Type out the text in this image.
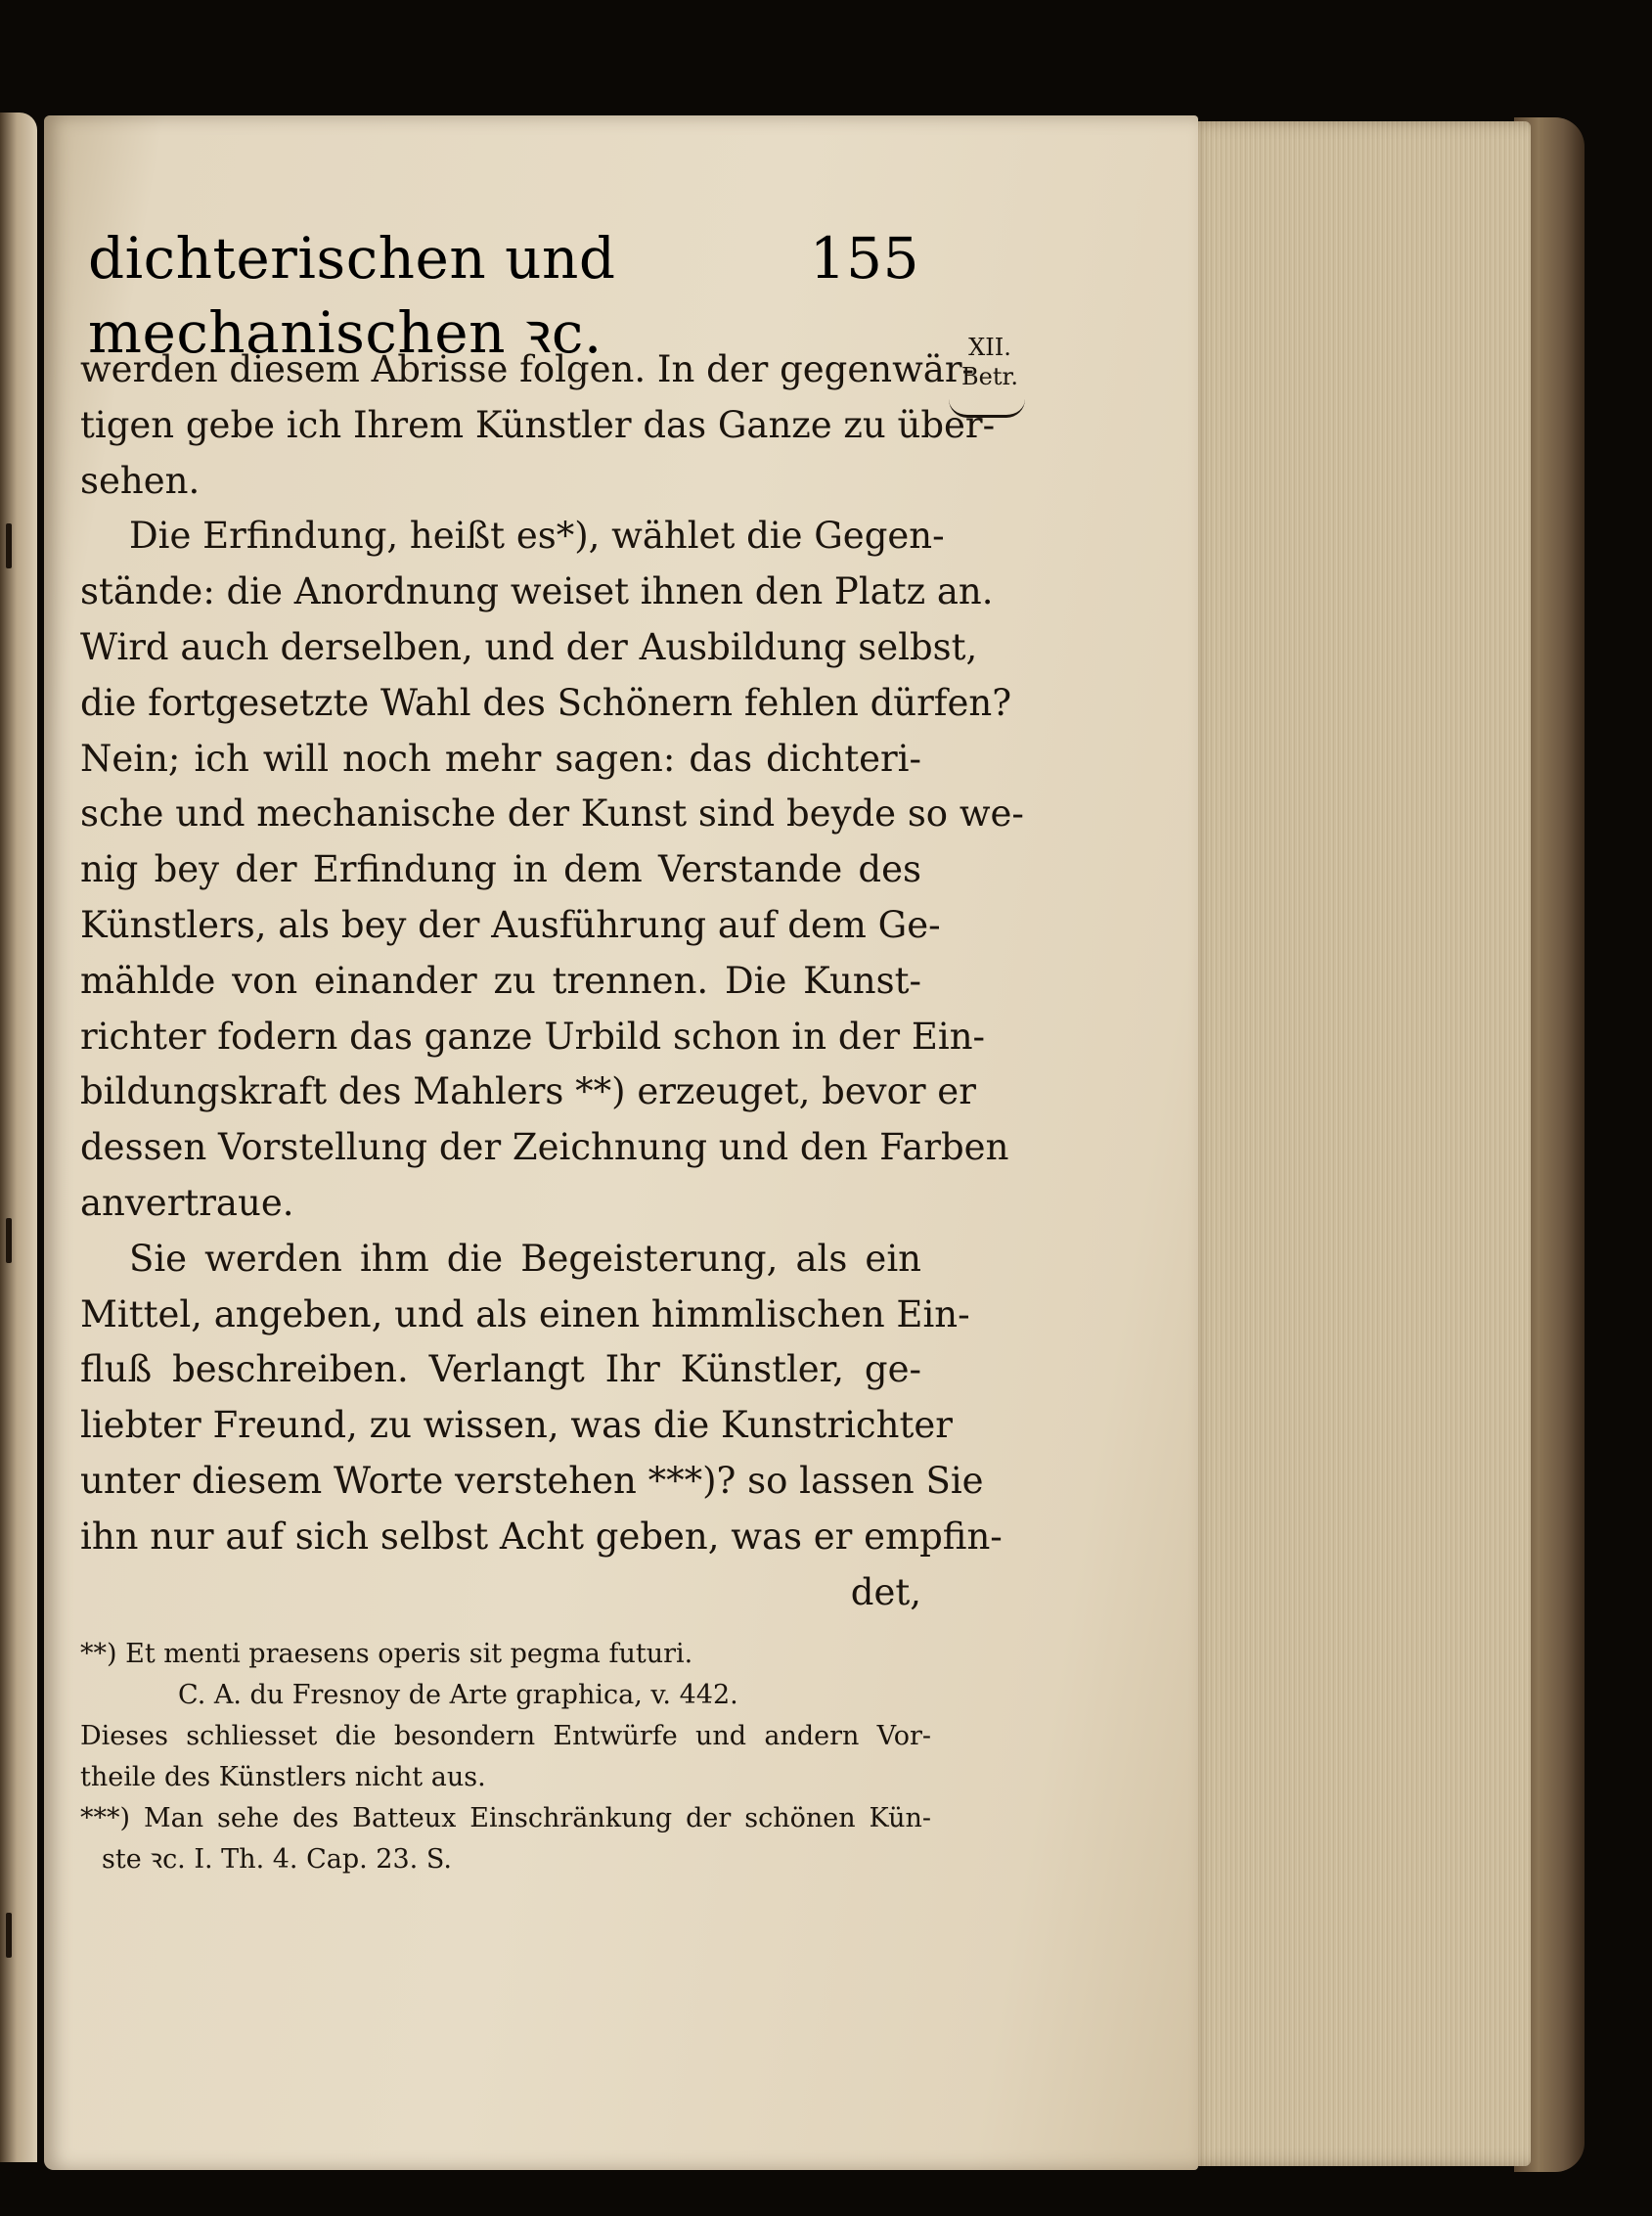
dichterischen und mechanischen ꝛc.
155
XII.
Betr.
werden diesem Abrisse folgen. In der gegenwär-
tigen gebe ich Ihrem Künstler das Ganze zu über-
sehen.
Die Erfindung, heißt es*), wählet die Gegen-
stände: die Anordnung weiset ihnen den Platz an.
Wird auch derselben, und der Ausbildung selbst,
die fortgesetzte Wahl des Schönern fehlen dürfen?
Nein; ich will noch mehr sagen: das dichteri-
sche und mechanische der Kunst sind beyde so we-
nig bey der Erfindung in dem Verstande des
Künstlers, als bey der Ausführung auf dem Ge-
mählde von einander zu trennen. Die Kunst-
richter fodern das ganze Urbild schon in der Ein-
bildungskraft des Mahlers **) erzeuget, bevor er
dessen Vorstellung der Zeichnung und den Farben
anvertraue.
Sie werden ihm die Begeisterung, als ein
Mittel, angeben, und als einen himmlischen Ein-
fluß beschreiben. Verlangt Ihr Künstler, ge-
liebter Freund, zu wissen, was die Kunstrichter
unter diesem Worte verstehen ***)? so lassen Sie
ihn nur auf sich selbst Acht geben, was er empfin-
det,
**) Et menti praesens operis sit pegma futuri.
C. A. du Fresnoy de Arte graphica, v. 442.
Dieses schliesset die besondern Entwürfe und andern Vor-
theile des Künstlers nicht aus.
***) Man sehe des Batteux Einschränkung der schönen Kün-
ste ꝛc. I. Th. 4. Cap. 23. S.
